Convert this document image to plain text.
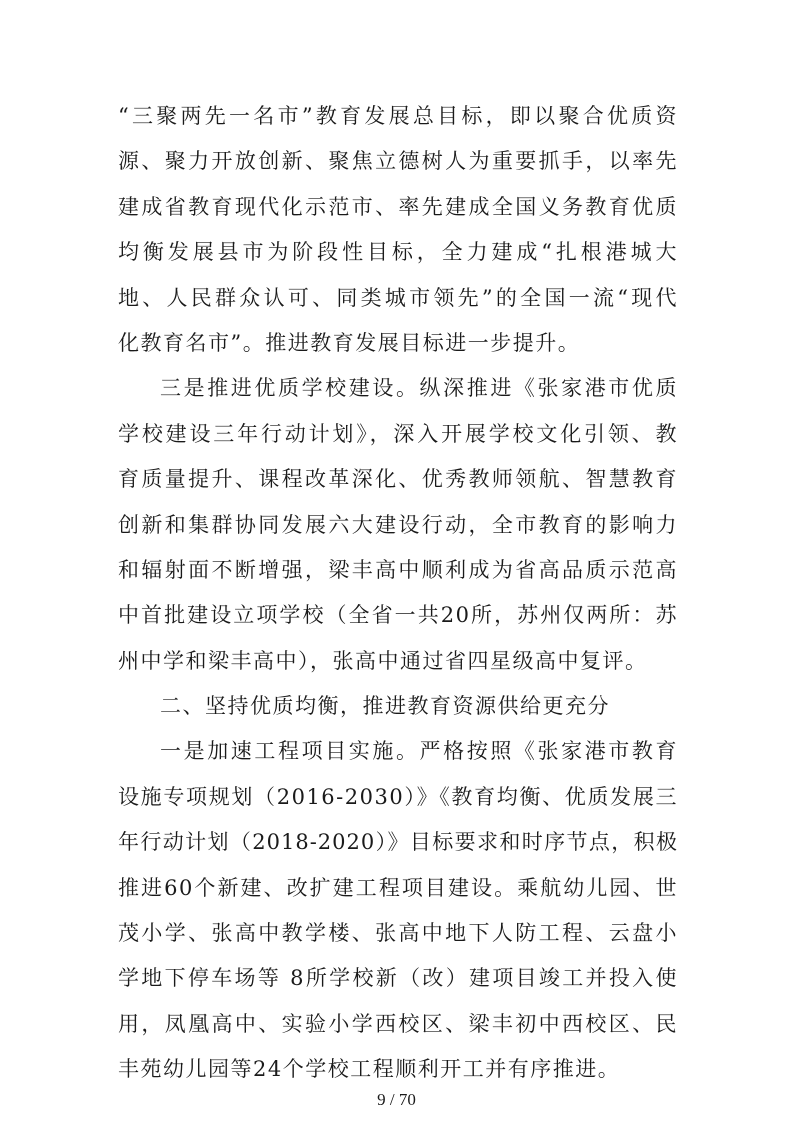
“三聚两先一名市”教育发展总目标，即以聚合优质资
源、聚力开放创新、聚焦立德树人为重要抓手，以率先
建成省教育现代化示范市、率先建成全国义务教育优质
均衡发展县市为阶段性目标，全力建成“扎根港城大
地、人民群众认可、同类城市领先”的全国一流“现代
化教育名市”。推进教育发展目标进一步提升。
三是推进优质学校建设。纵深推进《张家港市优质
学校建设三年行动计划》，深入开展学校文化引领、教
育质量提升、课程改革深化、优秀教师领航、智慧教育
创新和集群协同发展六大建设行动，全市教育的影响力
和辐射面不断增强，梁丰高中顺利成为省高品质示范高
中首批建设立项学校（全省一共20所，苏州仅两所：苏
州中学和梁丰高中），张高中通过省四星级高中复评。
二、坚持优质均衡，推进教育资源供给更充分
一是加速工程项目实施。严格按照《张家港市教育
设施专项规划（2016-2030）》《教育均衡、优质发展三
年行动计划（2018-2020）》目标要求和时序节点，积极
推进60个新建、改扩建工程项目建设。乘航幼儿园、世
茂小学、张高中教学楼、张高中地下人防工程、云盘小
学地下停车场等 8所学校新（改）建项目竣工并投入使
用，凤凰高中、实验小学西校区、梁丰初中西校区、民
丰苑幼儿园等24个学校工程顺利开工并有序推进。
9 / 70
